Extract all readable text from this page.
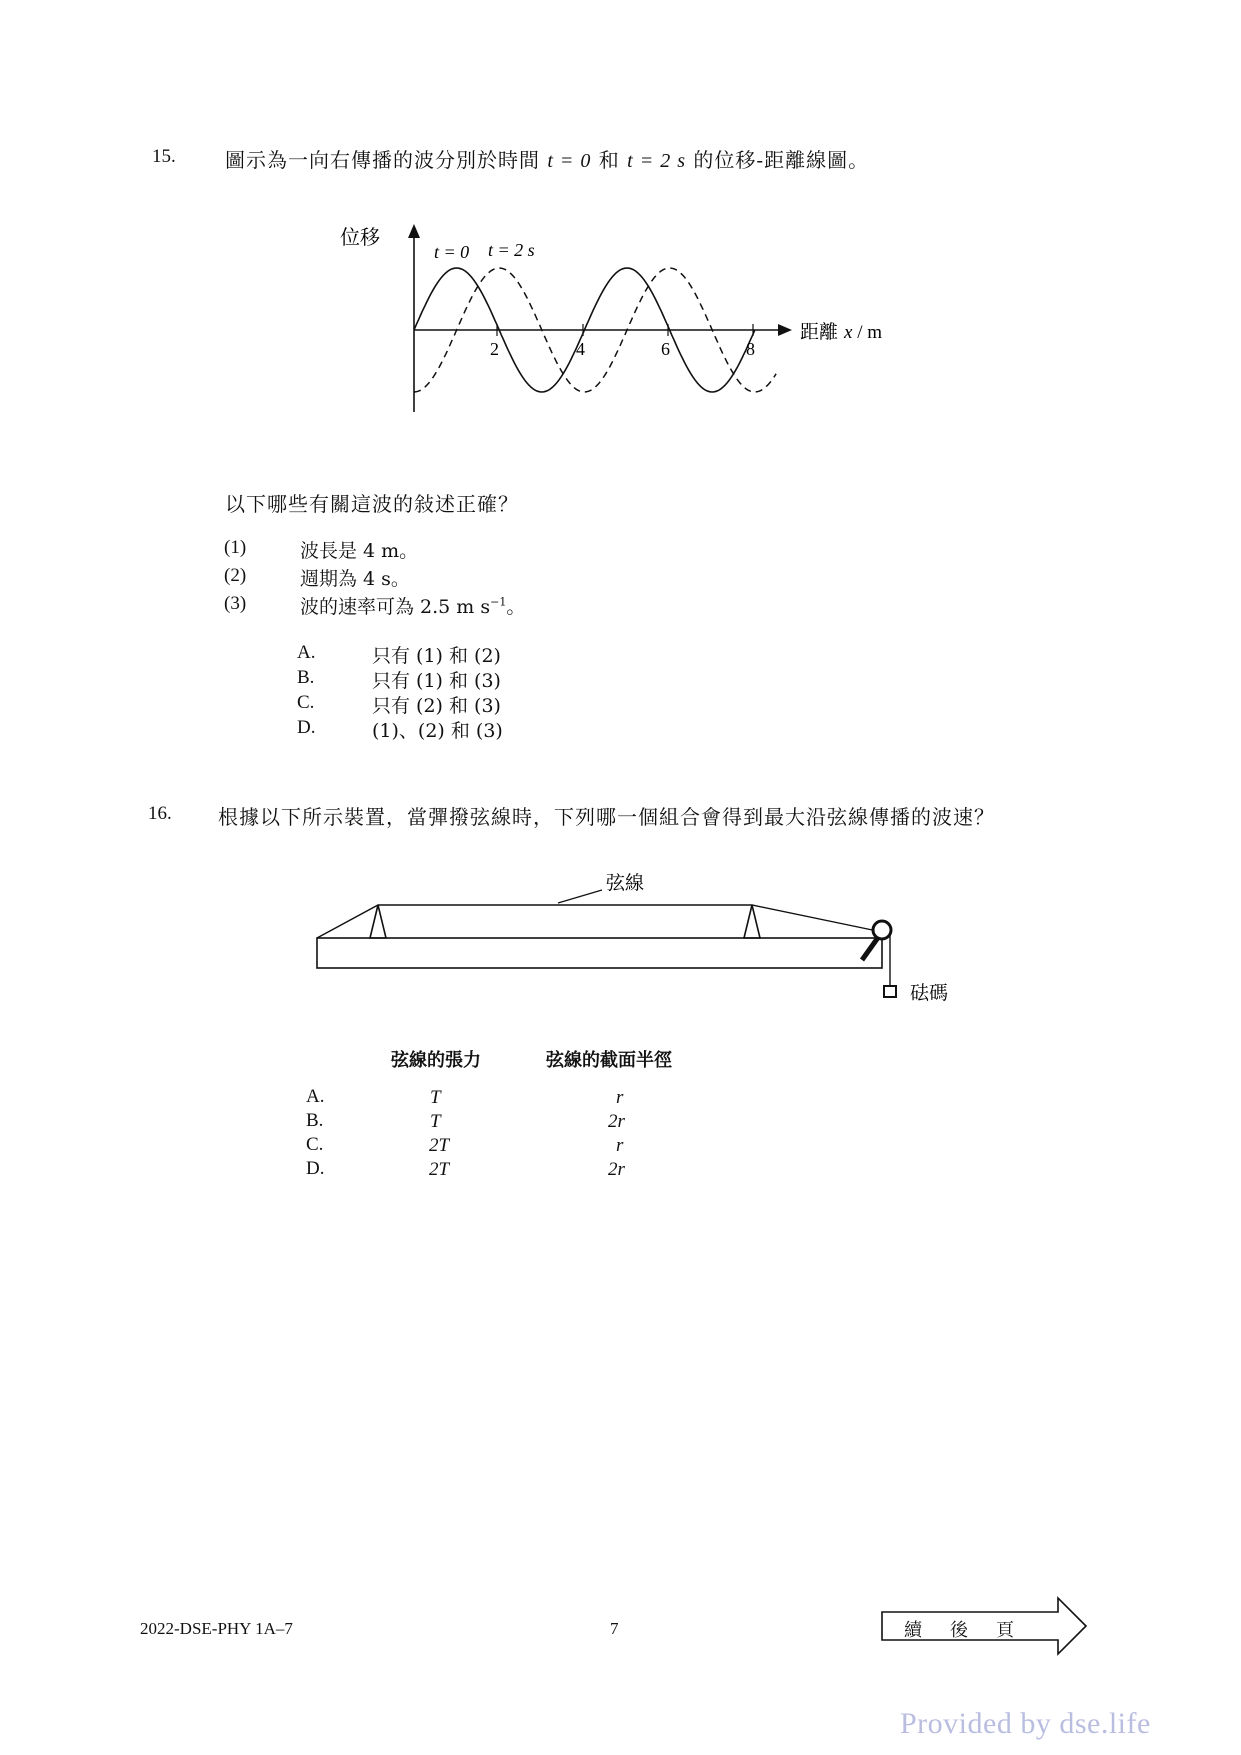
15. 圖示為一向右傳播的波分別於時間 t = 0 和 t = 2 s 的位移-距離線圖。
2	4	6	8
位移
t = 0 t = 2 s
距離 x / m
以下哪些有關這波的敍述正確？
(1)	波長是 4 m。
(2)	週期為 4 s。
(3)	波的速率可為 2.5 m $s^{-1}$。
A.	只有 (1) 和 (2)
B.	只有 (1) 和 (3)
C.	只有 (2) 和 (3)
D.	(1)、(2) 和 (3)
16. 根據以下所示裝置，當彈撥弦線時，下列哪一個組合會得到最大沿弦線傳播的波速？
弦線
砝碼
弦線的張力	弦線的截面半徑
A.	T	r
B.	T	2r
C.	2T	r
D.	2T	2r
2022-DSE-PHY 1A–7	7	續後頁
Provided by dse.life
